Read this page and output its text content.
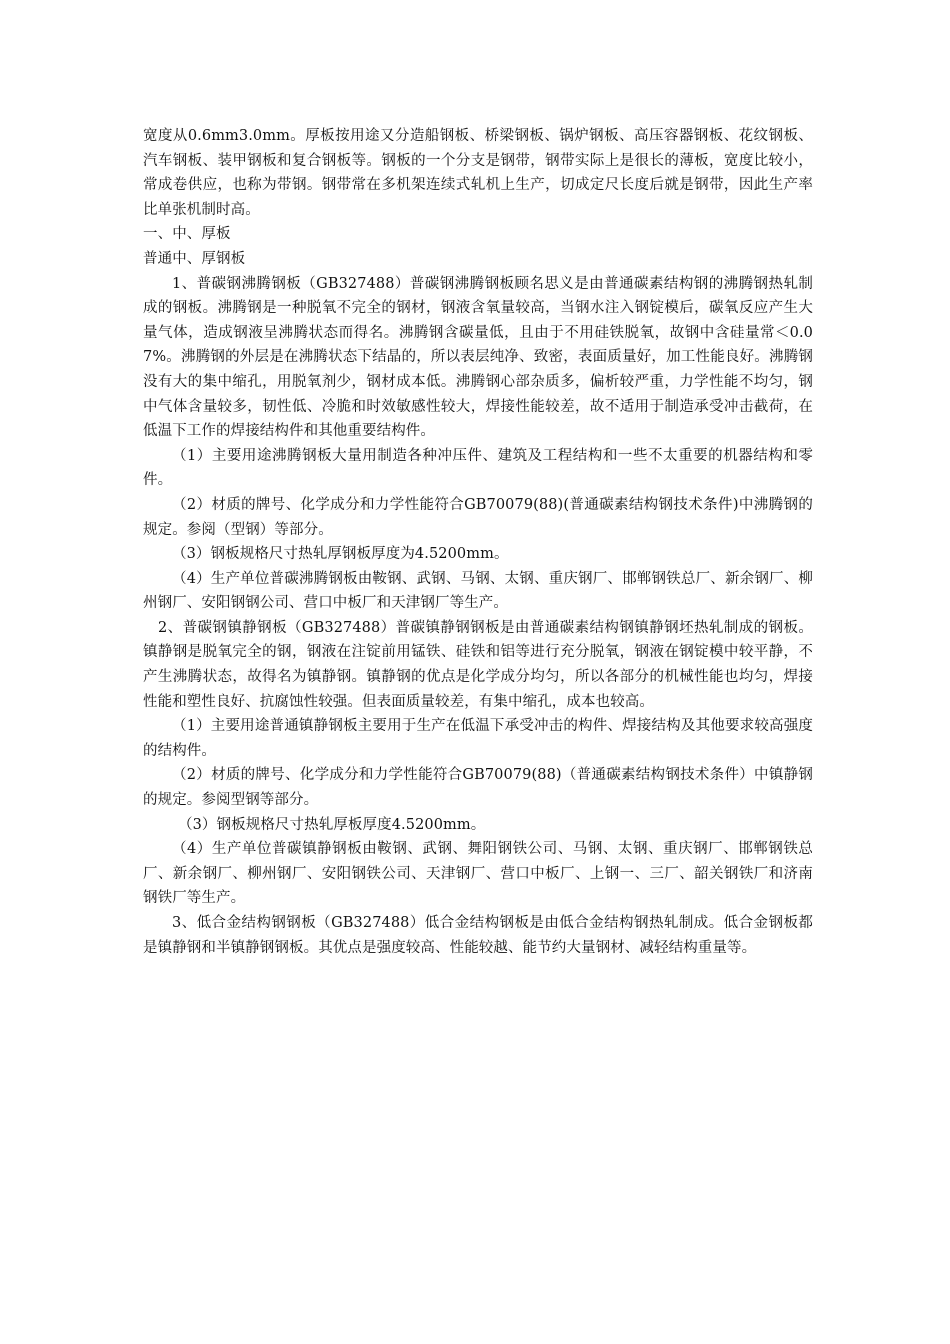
宽度从0.6mm3.0mm。厚板按用途又分造船钢板、桥梁钢板、锅炉钢板、高压容器钢板、花纹钢板、汽车钢板、装甲钢板和复合钢板等。钢板的一个分支是钢带，钢带实际上是很长的薄板，宽度比较小，常成卷供应，也称为带钢。钢带常在多机架连续式轧机上生产，切成定尺长度后就是钢带，因此生产率比单张机制时高。

一、中、厚板

普通中、厚钢板

1、普碳钢沸腾钢板（GB327488）普碳钢沸腾钢板顾名思义是由普通碳素结构钢的沸腾钢热轧制成的钢板。沸腾钢是一种脱氧不完全的钢材，钢液含氧量较高，当钢水注入钢锭模后，碳氧反应产生大量气体，造成钢液呈沸腾状态而得名。沸腾钢含碳量低，且由于不用硅铁脱氧，故钢中含硅量常＜0.07%。沸腾钢的外层是在沸腾状态下结晶的，所以表层纯净、致密，表面质量好，加工性能良好。沸腾钢没有大的集中缩孔，用脱氧剂少，钢材成本低。沸腾钢心部杂质多，偏析较严重，力学性能不均匀，钢中气体含量较多，韧性低、冷脆和时效敏感性较大，焊接性能较差，故不适用于制造承受冲击截荷，在低温下工作的焊接结构件和其他重要结构件。

（1）主要用途沸腾钢板大量用制造各种冲压件、建筑及工程结构和一些不太重要的机器结构和零件。

（2）材质的牌号、化学成分和力学性能符合GB70079(88)(普通碳素结构钢技术条件)中沸腾钢的规定。参阅（型钢）等部分。

（3）钢板规格尺寸热轧厚钢板厚度为4.5200mm。

（4）生产单位普碳沸腾钢板由鞍钢、武钢、马钢、太钢、重庆钢厂、邯郸钢铁总厂、新余钢厂、柳州钢厂、安阳钢钢公司、营口中板厂和天津钢厂等生产。

2、普碳钢镇静钢板（GB327488）普碳镇静钢钢板是由普通碳素结构钢镇静钢坯热轧制成的钢板。镇静钢是脱氧完全的钢，钢液在注锭前用锰铁、硅铁和铝等进行充分脱氧，钢液在钢锭模中较平静，不产生沸腾状态，故得名为镇静钢。镇静钢的优点是化学成分均匀，所以各部分的机械性能也均匀，焊接性能和塑性良好、抗腐蚀性较强。但表面质量较差，有集中缩孔，成本也较高。

（1）主要用途普通镇静钢板主要用于生产在低温下承受冲击的构件、焊接结构及其他要求较高强度的结构件。

（2）材质的牌号、化学成分和力学性能符合GB70079(88)（普通碳素结构钢技术条件）中镇静钢的规定。参阅型钢等部分。

（3）钢板规格尺寸热轧厚板厚度4.5200mm。

（4）生产单位普碳镇静钢板由鞍钢、武钢、舞阳钢铁公司、马钢、太钢、重庆钢厂、邯郸钢铁总厂、新余钢厂、柳州钢厂、安阳钢铁公司、天津钢厂、营口中板厂、上钢一、三厂、韶关钢铁厂和济南钢铁厂等生产。

3、低合金结构钢钢板（GB327488）低合金结构钢板是由低合金结构钢热轧制成。低合金钢板都是镇静钢和半镇静钢钢板。其优点是强度较高、性能较越、能节约大量钢材、减轻结构重量等。
